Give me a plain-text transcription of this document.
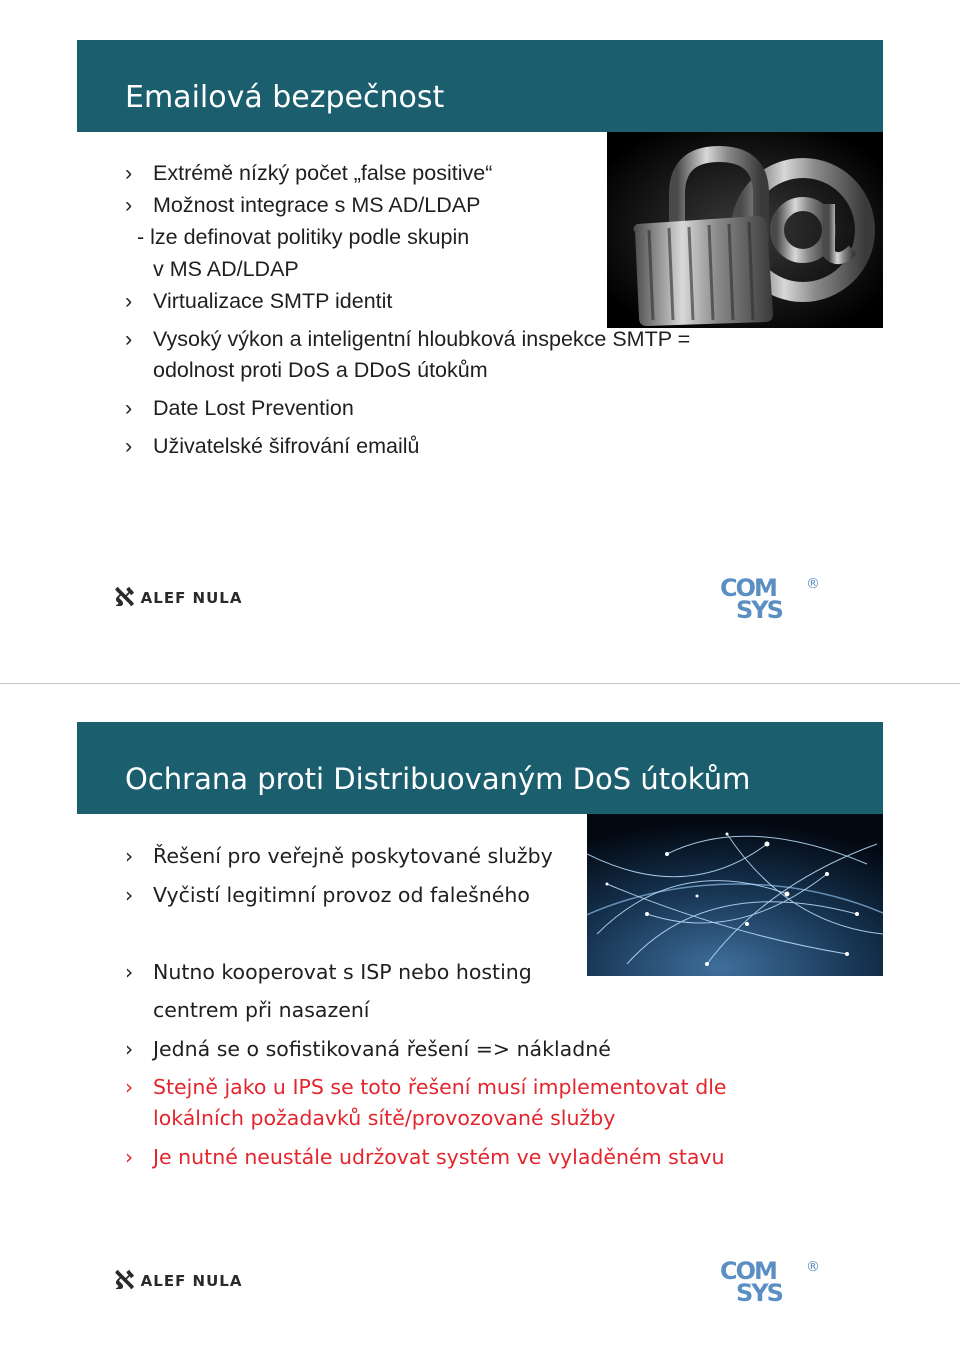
Emailová bezpečnost
› Extrémě nízký počet „false positive“
› Možnost integrace s MS AD/LDAP
- lze definovat politiky podle skupin
v MS AD/LDAP
› Virtualizace SMTP identit
› Vysoký výkon a inteligentní hloubková inspekce SMTP =
odolnost proti DoS a DDoS útokům
› Date Lost Prevention
› Uživatelské šifrování emailů
ℵ ALEF NULA	COM
SYS
®
Ochrana proti Distribuovaným DoS útokům
› Řešení pro veřejně poskytované služby
› Vyčistí legitimní provoz od falešného

› Nutno kooperovat s ISP nebo hosting
centrem při nasazení
› Jedná se o sofistikovaná řešení => nákladné
› Stejně jako u IPS se toto řešení musí implementovat dle
lokálních požadavků sítě/provozované služby
› Je nutné neustále udržovat systém ve vyladěném stavu
ℵ ALEF NULA	COM
SYS
®
